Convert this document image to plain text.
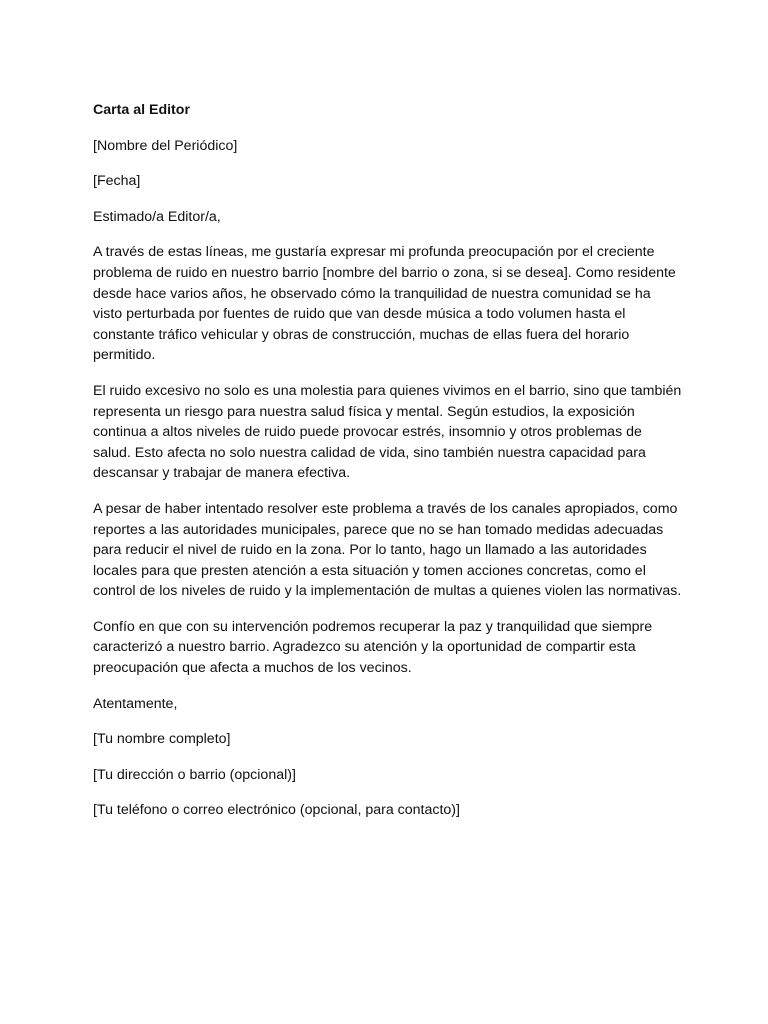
Carta al Editor

[Nombre del Periódico]

[Fecha]

Estimado/a Editor/a,

A través de estas líneas, me gustaría expresar mi profunda preocupación por el creciente problema de ruido en nuestro barrio [nombre del barrio o zona, si se desea]. Como residente desde hace varios años, he observado cómo la tranquilidad de nuestra comunidad se ha visto perturbada por fuentes de ruido que van desde música a todo volumen hasta el constante tráfico vehicular y obras de construcción, muchas de ellas fuera del horario permitido.

El ruido excesivo no solo es una molestia para quienes vivimos en el barrio, sino que también representa un riesgo para nuestra salud física y mental. Según estudios, la exposición continua a altos niveles de ruido puede provocar estrés, insomnio y otros problemas de salud. Esto afecta no solo nuestra calidad de vida, sino también nuestra capacidad para descansar y trabajar de manera efectiva.

A pesar de haber intentado resolver este problema a través de los canales apropiados, como reportes a las autoridades municipales, parece que no se han tomado medidas adecuadas para reducir el nivel de ruido en la zona. Por lo tanto, hago un llamado a las autoridades locales para que presten atención a esta situación y tomen acciones concretas, como el control de los niveles de ruido y la implementación de multas a quienes violen las normativas.

Confío en que con su intervención podremos recuperar la paz y tranquilidad que siempre caracterizó a nuestro barrio. Agradezco su atención y la oportunidad de compartir esta preocupación que afecta a muchos de los vecinos.

Atentamente,

[Tu nombre completo]

[Tu dirección o barrio (opcional)]

[Tu teléfono o correo electrónico (opcional, para contacto)]
